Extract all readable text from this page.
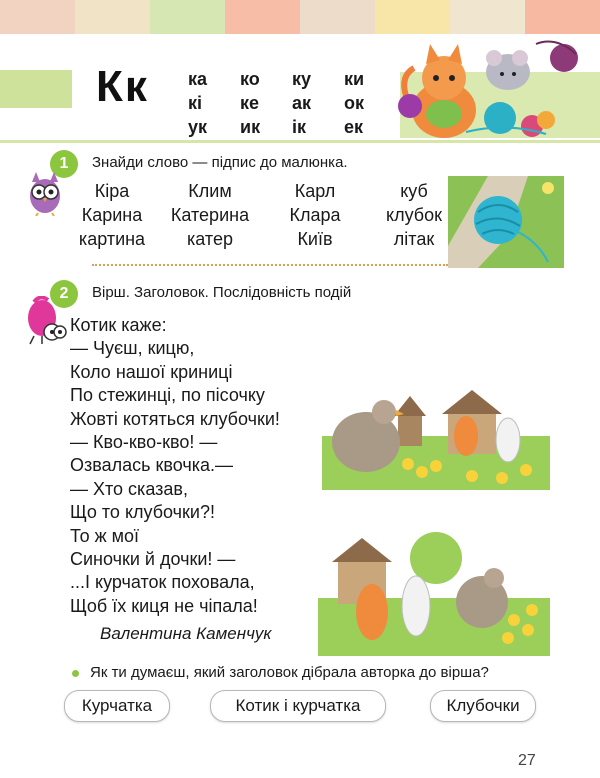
Кк ка	ко	ку	ки
кі	ке	ак	ок
ук	ик	ік	ек
1	Знайди слово — підпис до малюнка.
Кіра	Клим	Карл	куб
Карина	Катерина	Клара	клубок
картина	катер	Київ	літак
2	Вірш. Заголовок. Послідовність подій
Котик каже:
— Чуєш, кицю,
Коло нашої криниці
По стежинці, по пісочку
Жовті котяться клубочки!
— Кво-кво-кво! —
Озвалась квочка.—
— Хто сказав,
Що то клубочки?!
То ж мої
Синочки й дочки! —
...І курчаток поховала,
Щоб їх киця не чіпала!
Валентина Каменчук
Як ти думаєш, який заголовок дібрала авторка до вірша?
Курчатка	Котик і курчатка	Клубочки
27
